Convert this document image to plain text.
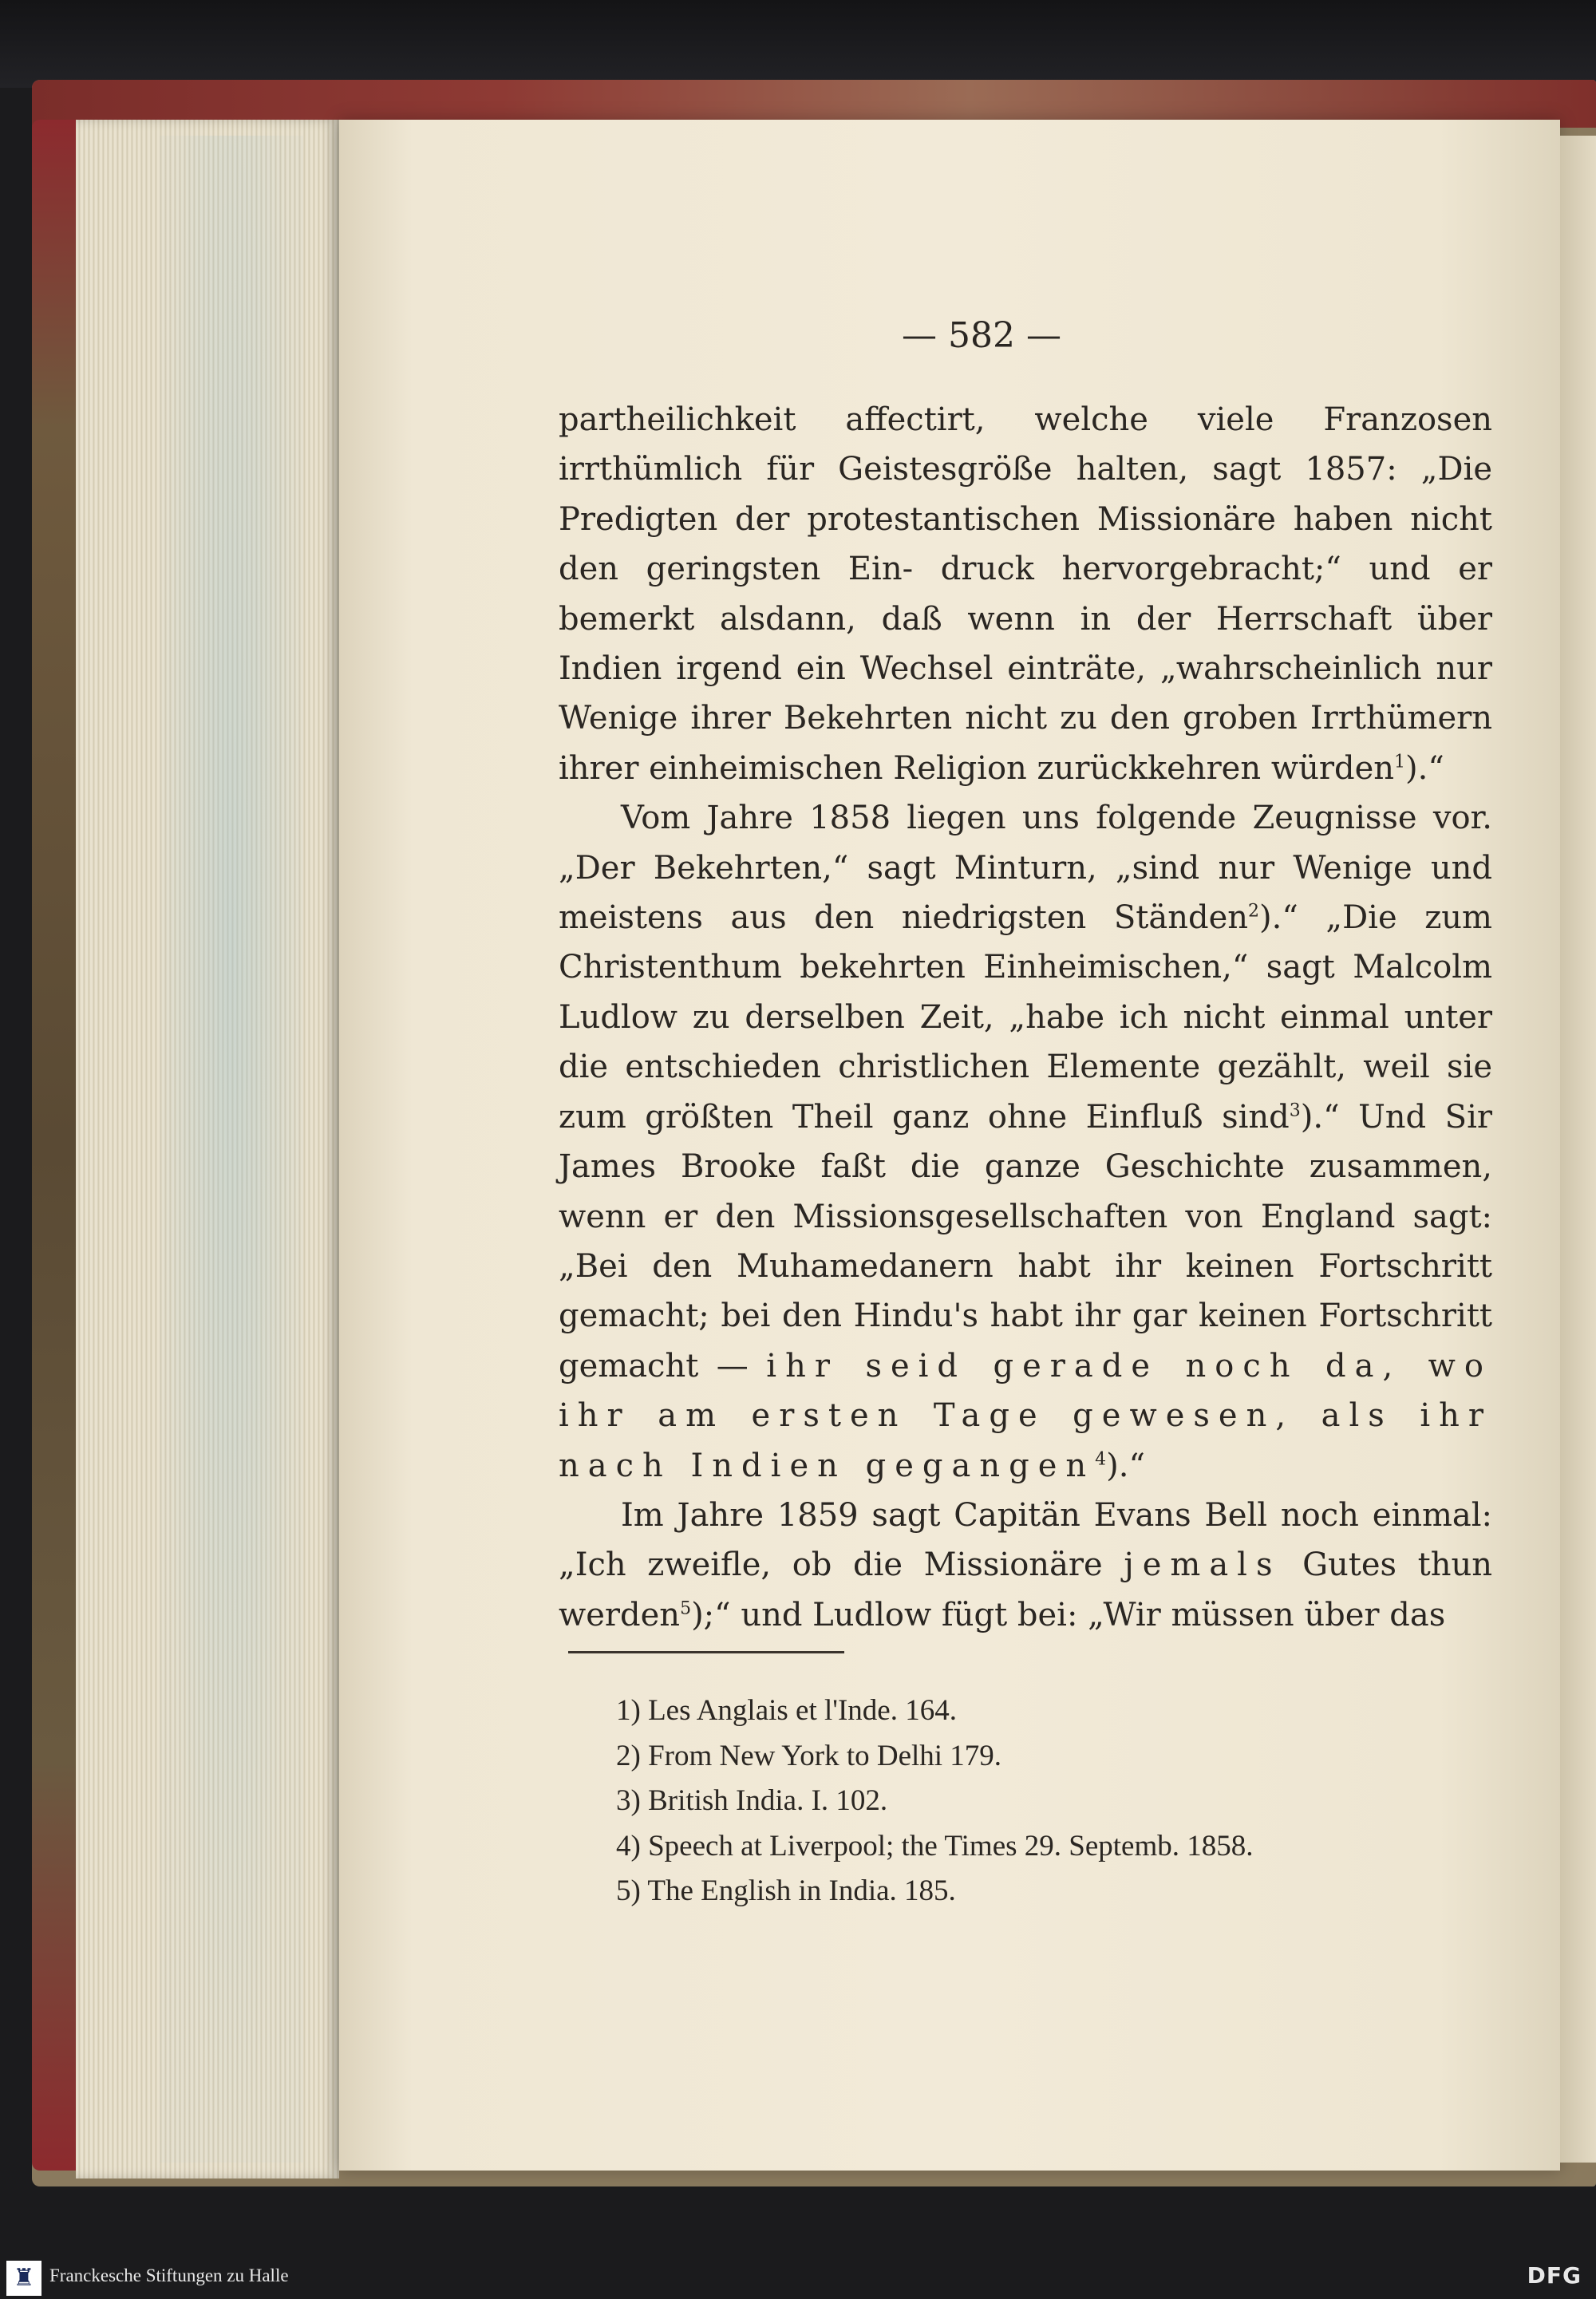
— 582 —

partheilichkeit affectirt, welche viele Franzosen irrthümlich für Geistesgröße halten, sagt 1857: „Die Predigten der protestantischen Missionäre haben nicht den geringsten Ein- druck hervorgebracht;“ und er bemerkt alsdann, daß wenn in der Herrschaft über Indien irgend ein Wechsel einträte, „wahrscheinlich nur Wenige ihrer Bekehrten nicht zu den groben Irrthümern ihrer einheimischen Religion zurückkehren würden$^1$).“

Vom Jahre 1858 liegen uns folgende Zeugnisse vor. „Der Bekehrten,“ sagt Minturn, „sind nur Wenige und meistens aus den niedrigsten Ständen$^2$).“ „Die zum Christenthum bekehrten Einheimischen,“ sagt Malcolm Ludlow zu derselben Zeit, „habe ich nicht einmal unter die entschieden christlichen Elemente gezählt, weil sie zum größten Theil ganz ohne Einfluß sind$^3$).“ Und Sir James Brooke faßt die ganze Geschichte zusammen, wenn er den Missionsgesellschaften von England sagt: „Bei den Muhamedanern habt ihr keinen Fortschritt gemacht; bei den Hindu's habt ihr gar keinen Fortschritt gemacht — ihr seid gerade noch da, wo ihr am ersten Tage gewesen, als ihr nach Indien gegangen$^4$).“

Im Jahre 1859 sagt Capitän Evans Bell noch einmal: „Ich zweifle, ob die Missionäre jemals Gutes thun werden$^5$);“ und Ludlow fügt bei: „Wir müssen über das

1) Les Anglais et l'Inde. 164.
2) From New York to Delhi 179.
3) British India. I. 102.
4) Speech at Liverpool; the Times 29. Septemb. 1858.
5) The English in India. 185.
♜ Franckesche Stiftungen zu Halle	DFG
